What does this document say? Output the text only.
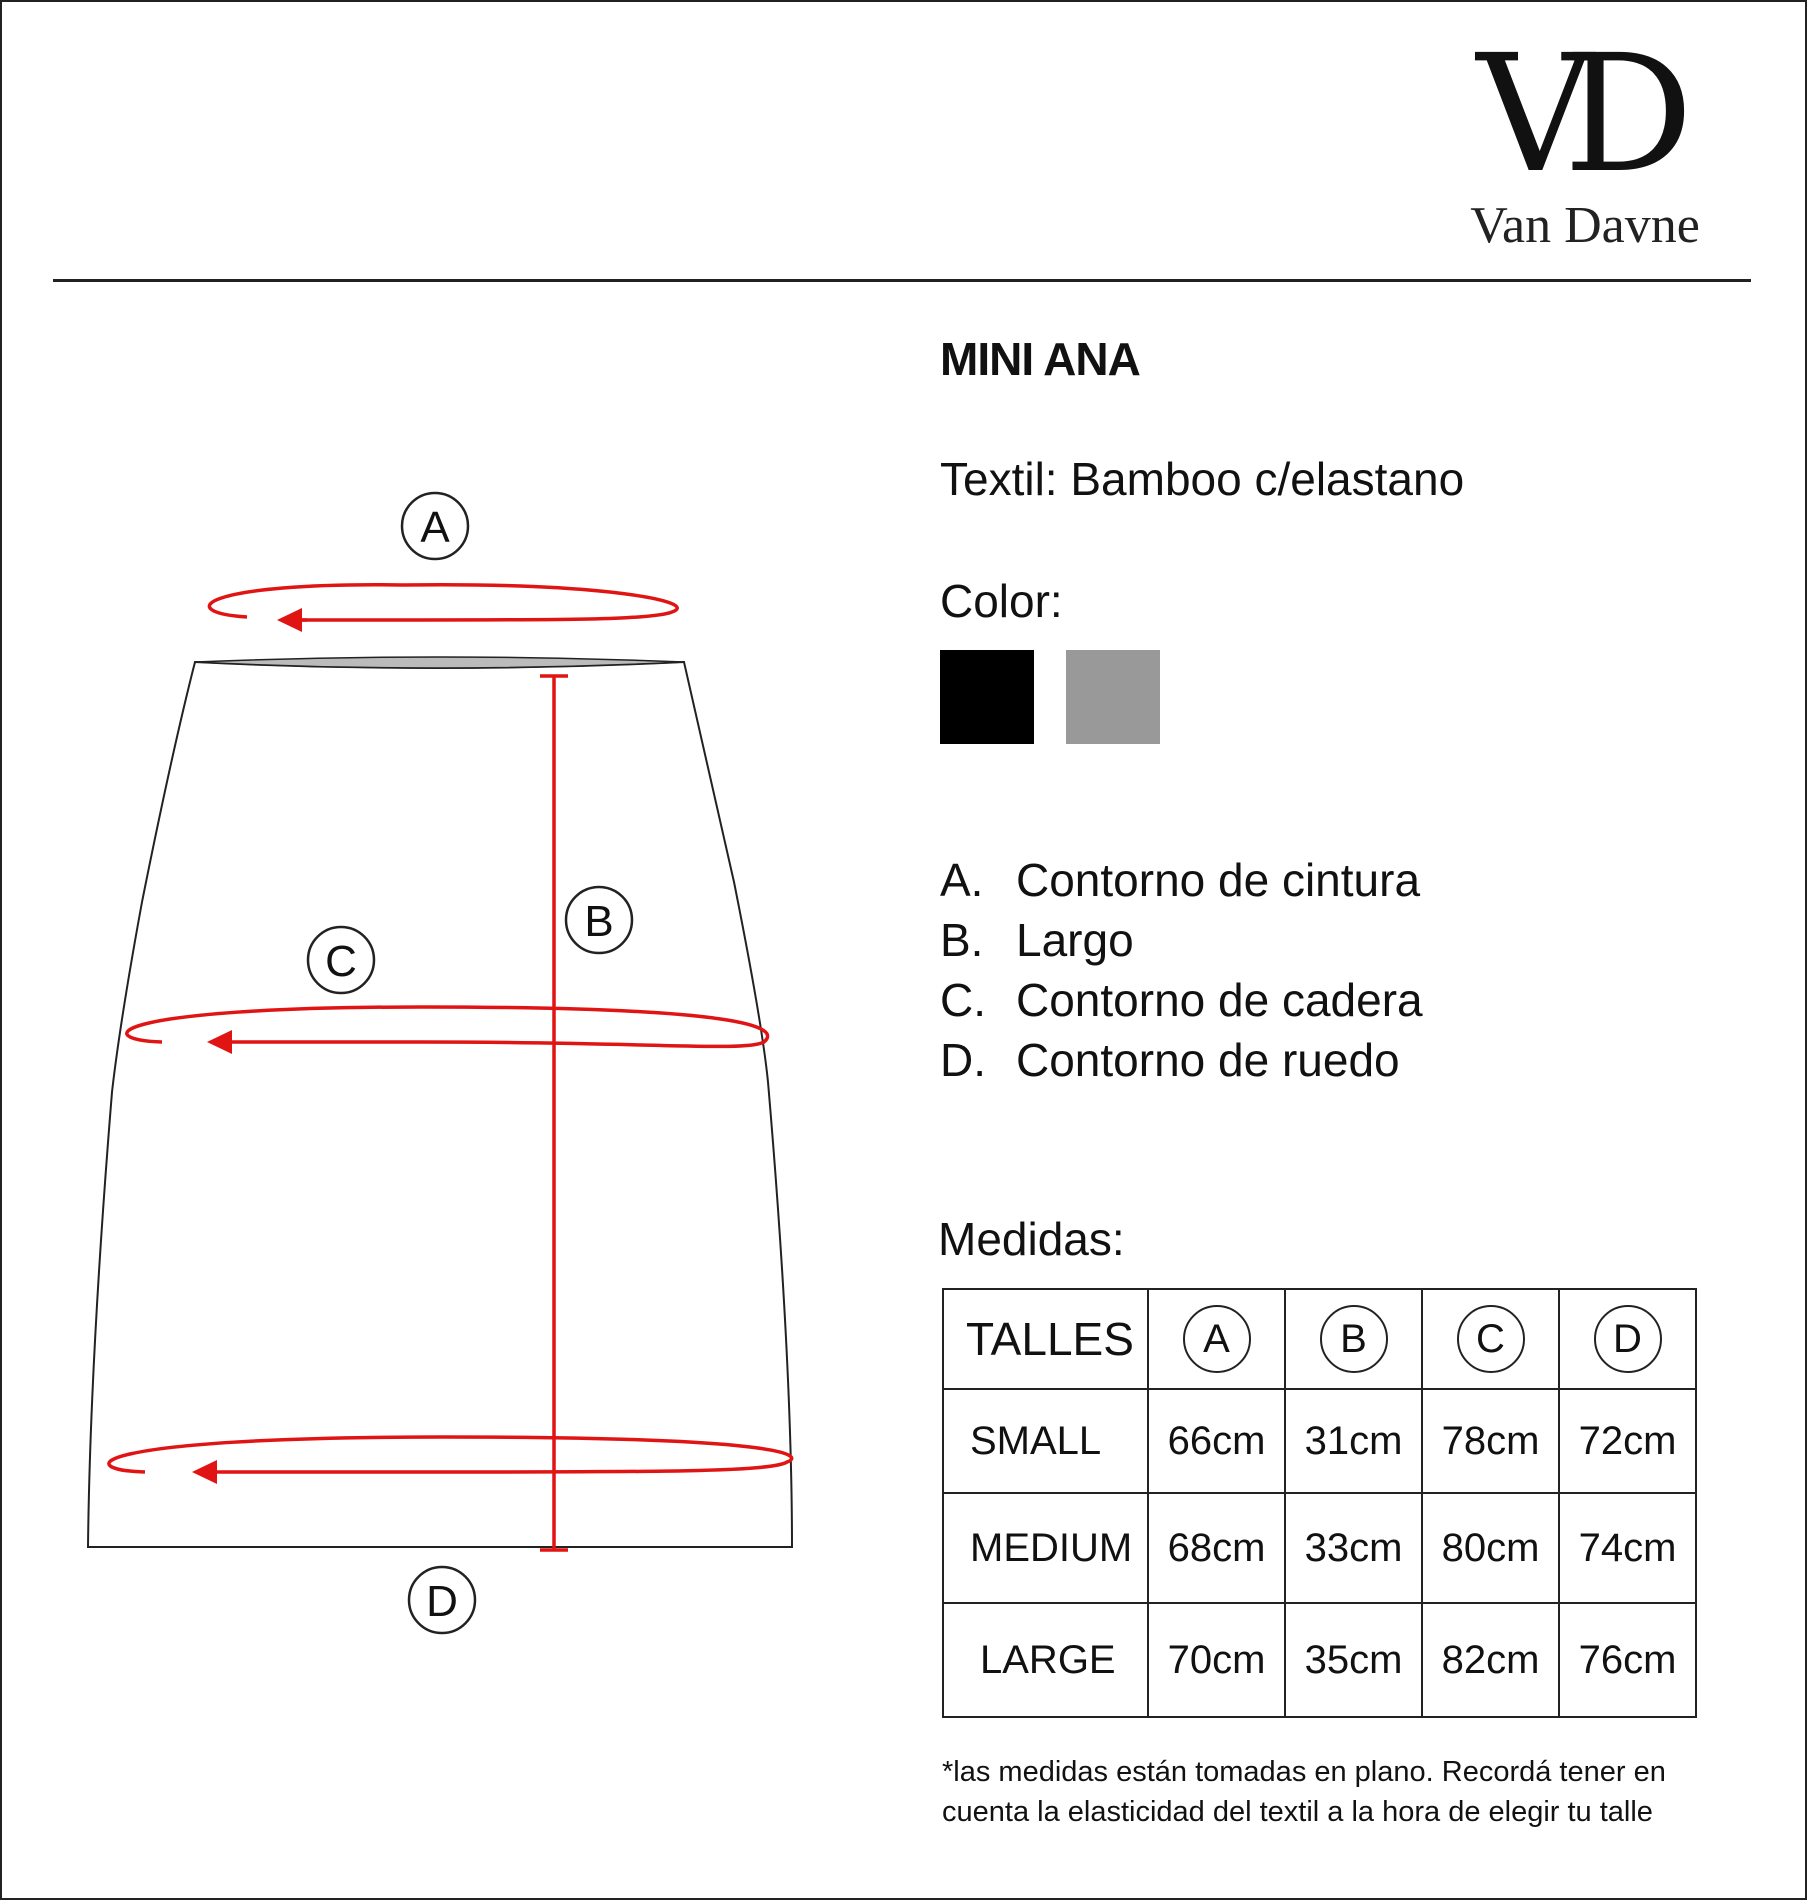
VD
Van Davne
A
B
C
D
MINI ANA
Textil: Bamboo c/elastano
Color:
A. Contorno de cintura
B. Largo
C. Contorno de cadera
D. Contorno de ruedo
Medidas:
TALLES	A	B	C	D
SMALL	66cm	31cm	78cm	72cm
MEDIUM	68cm	33cm	80cm	74cm
LARGE	70cm	35cm	82cm	76cm
*las medidas están tomadas en plano. Recordá tener en
cuenta la elasticidad del textil a la hora de elegir tu talle
